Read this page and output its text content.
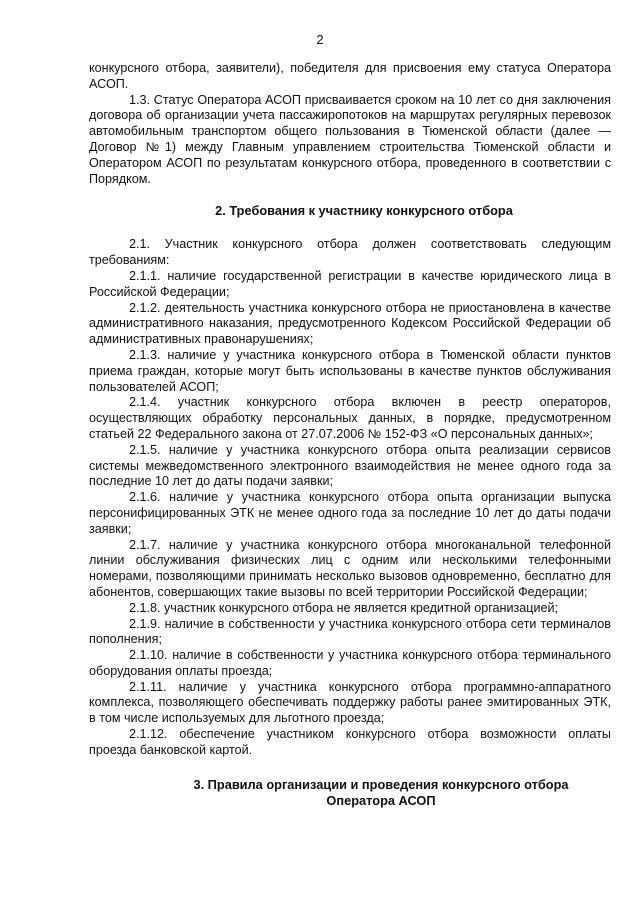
2

конкурсного отбора, заявители), победителя для присвоения ему статуса Оператора АСОП.

1.3. Статус Оператора АСОП присваивается сроком на 10 лет со дня заключения договора об организации учета пассажиропотоков на маршрутах регулярных перевозок автомобильным транспортом общего пользования в Тюменской области (далее — Договор №1) между Главным управлением строительства Тюменской области и Оператором АСОП по результатам конкурсного отбора, проведенного в соответствии с Порядком.

2. Требования к участнику конкурсного отбора

2.1. Участник конкурсного отбора должен соответствовать следующим требованиям:

2.1.1. наличие государственной регистрации в качестве юридического лица в Российской Федерации;

2.1.2. деятельность участника конкурсного отбора не приостановлена в качестве административного наказания, предусмотренного Кодексом Российской Федерации об административных правонарушениях;

2.1.3. наличие у участника конкурсного отбора в Тюменской области пунктов приема граждан, которые могут быть использованы в качестве пунктов обслуживания пользователей АСОП;

2.1.4. участник конкурсного отбора включен в реестр операторов, осуществляющих обработку персональных данных, в порядке, предусмотренном статьей 22 Федерального закона от 27.07.2006 № 152-ФЗ «О персональных данных»;

2.1.5. наличие у участника конкурсного отбора опыта реализации сервисов системы межведомственного электронного взаимодействия не менее одного года за последние 10 лет до даты подачи заявки;

2.1.6. наличие у участника конкурсного отбора опыта организации выпуска персонифицированных ЭТК не менее одного года за последние 10 лет до даты подачи заявки;

2.1.7. наличие у участника конкурсного отбора многоканальной телефонной линии обслуживания физических лиц с одним или несколькими телефонными номерами, позволяющими принимать несколько вызовов одновременно, бесплатно для абонентов, совершающих такие вызовы по всей территории Российской Федерации;

2.1.8. участник конкурсного отбора не является кредитной организацией;

2.1.9. наличие в собственности у участника конкурсного отбора сети терминалов пополнения;

2.1.10. наличие в собственности у участника конкурсного отбора терминального оборудования оплаты проезда;

2.1.11. наличие у участника конкурсного отбора программно-аппаратного комплекса, позволяющего обеспечивать поддержку работы ранее эмитированных ЭТК, в том числе используемых для льготного проезда;

2.1.12. обеспечение участником конкурсного отбора возможности оплаты проезда банковской картой.

3. Правила организации и проведения конкурсного отбора
Оператора АСОП
